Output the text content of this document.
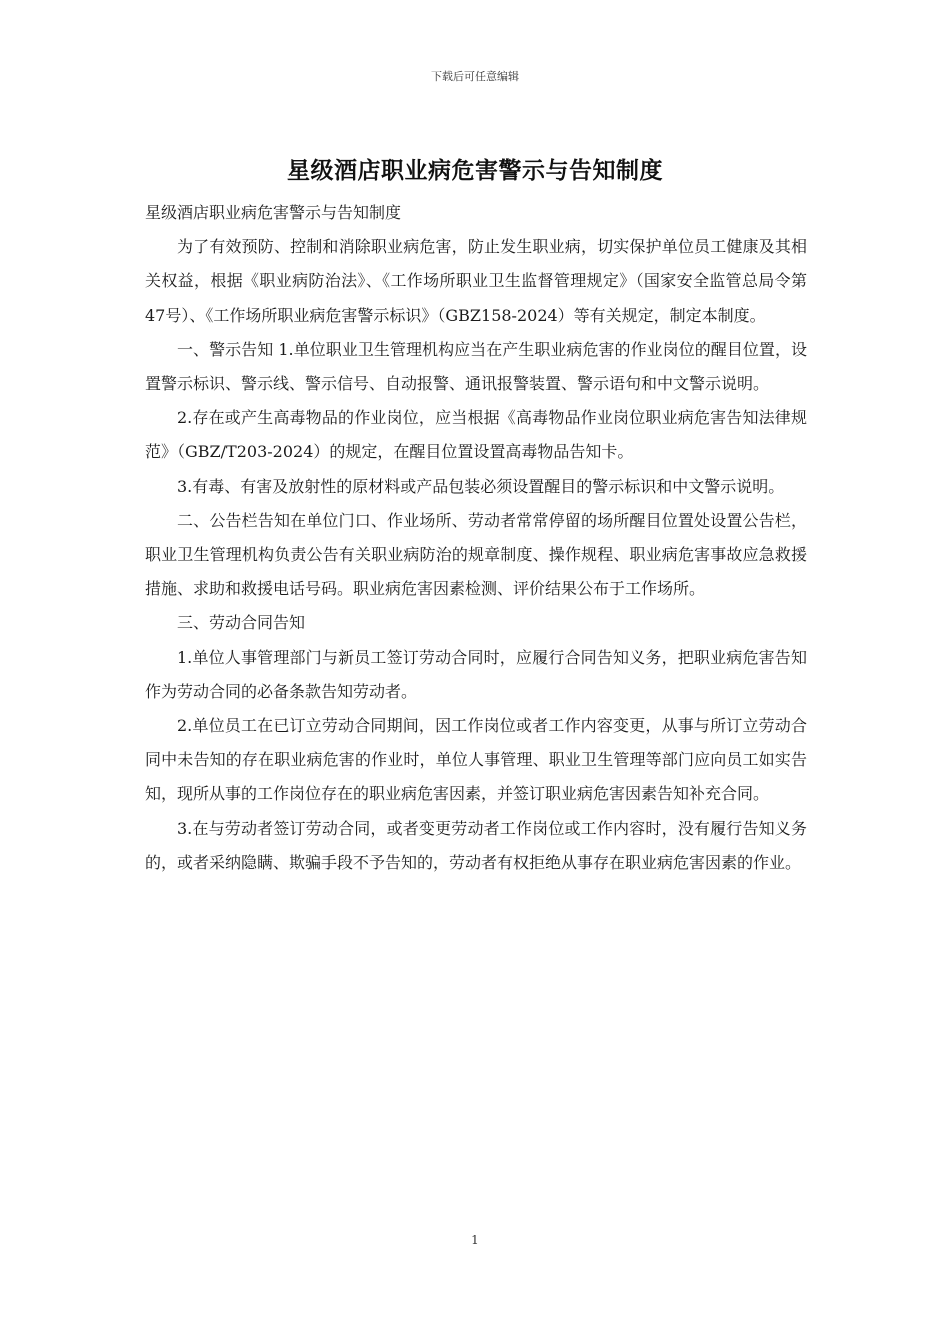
下载后可任意编辑
星级酒店职业病危害警示与告知制度

星级酒店职业病危害警示与告知制度

为了有效预防、控制和消除职业病危害，防止发生职业病，切实保护单位员工健康及其相关权益，根据《职业病防治法》、《工作场所职业卫生监督管理规定》（国家安全监管总局令第47号）、《工作场所职业病危害警示标识》（GBZ158-2024）等有关规定，制定本制度。

一、警示告知 1.单位职业卫生管理机构应当在产生职业病危害的作业岗位的醒目位置，设置警示标识、警示线、警示信号、自动报警、通讯报警装置、警示语句和中文警示说明。

2.存在或产生高毒物品的作业岗位，应当根据《高毒物品作业岗位职业病危害告知法律规范》（GBZ/T203-2024）的规定，在醒目位置设置高毒物品告知卡。

3.有毒、有害及放射性的原材料或产品包装必须设置醒目的警示标识和中文警示说明。

二、公告栏告知在单位门口、作业场所、劳动者常常停留的场所醒目位置处设置公告栏，职业卫生管理机构负责公告有关职业病防治的规章制度、操作规程、职业病危害事故应急救援措施、求助和救援电话号码。职业病危害因素检测、评价结果公布于工作场所。

三、劳动合同告知

1.单位人事管理部门与新员工签订劳动合同时，应履行合同告知义务，把职业病危害告知作为劳动合同的必备条款告知劳动者。

2.单位员工在已订立劳动合同期间，因工作岗位或者工作内容变更，从事与所订立劳动合同中未告知的存在职业病危害的作业时，单位人事管理、职业卫生管理等部门应向员工如实告知，现所从事的工作岗位存在的职业病危害因素，并签订职业病危害因素告知补充合同。

3.在与劳动者签订劳动合同，或者变更劳动者工作岗位或工作内容时，没有履行告知义务的，或者采纳隐瞒、欺骗手段不予告知的，劳动者有权拒绝从事存在职业病危害因素的作业。

1
